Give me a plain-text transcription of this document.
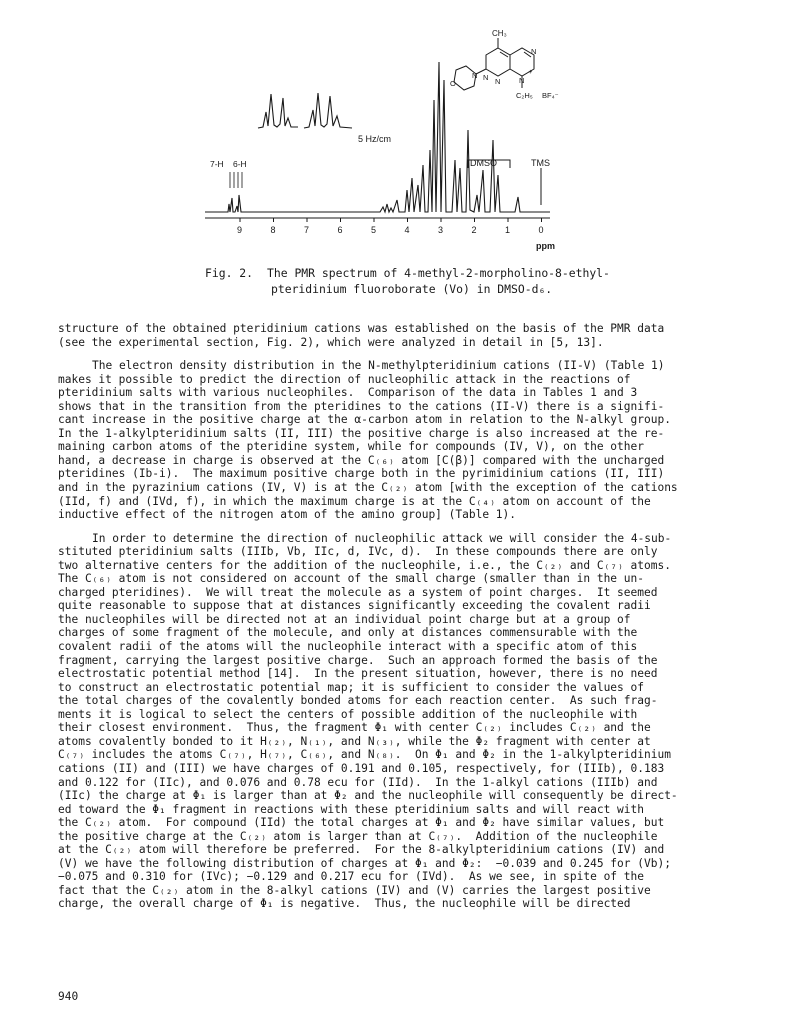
9	8	7	6	5	4	3	2	1	0
5 Hz/cm
7-H 6-H	DMSO	TMS
ppm
CH₃
C₂H₅ BF₄⁻
N N
N
N
+
N
O
Fig. 2. The PMR spectrum of 4-methyl-2-morpholino-8-ethyl-
pteridinium fluoroborate (Vo) in DMSO-d₆.

structure of the obtained pteridinium cations was established on the basis of the PMR data
(see the experimental section, Fig. 2), which were analyzed in detail in [5, 13].

The electron density distribution in the N-methylpteridinium cations (II-V) (Table 1)
makes it possible to predict the direction of nucleophilic attack in the reactions of
pteridinium salts with various nucleophiles.  Comparison of the data in Tables 1 and 3
shows that in the transition from the pteridines to the cations (II-V) there is a signifi-
cant increase in the positive charge at the α-carbon atom in relation to the N-alkyl group.
In the 1-alkylpteridinium salts (II, III) the positive charge is also increased at the re-
maining carbon atoms of the pteridine system, while for compounds (IV, V), on the other
hand, a decrease in charge is observed at the C₍₆₎ atom [C(β)] compared with the uncharged
pteridines (Ib-i).  The maximum positive charge both in the pyrimidinium cations (II, III)
and in the pyrazinium cations (IV, V) is at the C₍₂₎ atom [with the exception of the cations
(IId, f) and (IVd, f), in which the maximum charge is at the C₍₄₎ atom on account of the
inductive effect of the nitrogen atom of the amino group] (Table 1).

In order to determine the direction of nucleophilic attack we will consider the 4-sub-
stituted pteridinium salts (IIIb, Vb, IIc, d, IVc, d).  In these compounds there are only
two alternative centers for the addition of the nucleophile, i.e., the C₍₂₎ and C₍₇₎ atoms.
The C₍₆₎ atom is not considered on account of the small charge (smaller than in the un-
charged pteridines).  We will treat the molecule as a system of point charges.  It seemed
quite reasonable to suppose that at distances significantly exceeding the covalent radii
the nucleophiles will be directed not at an individual point charge but at a group of
charges of some fragment of the molecule, and only at distances commensurable with the
covalent radii of the atoms will the nucleophile interact with a specific atom of this
fragment, carrying the largest positive charge.  Such an approach formed the basis of the
electrostatic potential method [14].  In the present situation, however, there is no need
to construct an electrostatic potential map; it is sufficient to consider the values of
the total charges of the covalently bonded atoms for each reaction center.  As such frag-
ments it is logical to select the centers of possible addition of the nucleophile with
their closest environment.  Thus, the fragment Φ₁ with center C₍₂₎ includes C₍₂₎ and the
atoms covalently bonded to it H₍₂₎, N₍₁₎, and N₍₃₎, while the Φ₂ fragment with center at
C₍₇₎ includes the atoms C₍₇₎, H₍₇₎, C₍₆₎, and N₍₈₎.  On Φ₁ and Φ₂ in the 1-alkylpteridinium
cations (II) and (III) we have charges of 0.191 and 0.105, respectively, for (IIIb), 0.183
and 0.122 for (IIc), and 0.076 and 0.78 ecu for (IId).  In the 1-alkyl cations (IIIb) and
(IIc) the charge at Φ₁ is larger than at Φ₂ and the nucleophile will consequently be direct-
ed toward the Φ₁ fragment in reactions with these pteridinium salts and will react with
the C₍₂₎ atom.  For compound (IId) the total charges at Φ₁ and Φ₂ have similar values, but
the positive charge at the C₍₂₎ atom is larger than at C₍₇₎.  Addition of the nucleophile
at the C₍₂₎ atom will therefore be preferred.  For the 8-alkylpteridinium cations (IV) and
(V) we have the following distribution of charges at Φ₁ and Φ₂:  −0.039 and 0.245 for (Vb);
−0.075 and 0.310 for (IVc); −0.129 and 0.217 ecu for (IVd).  As we see, in spite of the
fact that the C₍₂₎ atom in the 8-alkyl cations (IV) and (V) carries the largest positive
charge, the overall charge of Φ₁ is negative.  Thus, the nucleophile will be directed

940
